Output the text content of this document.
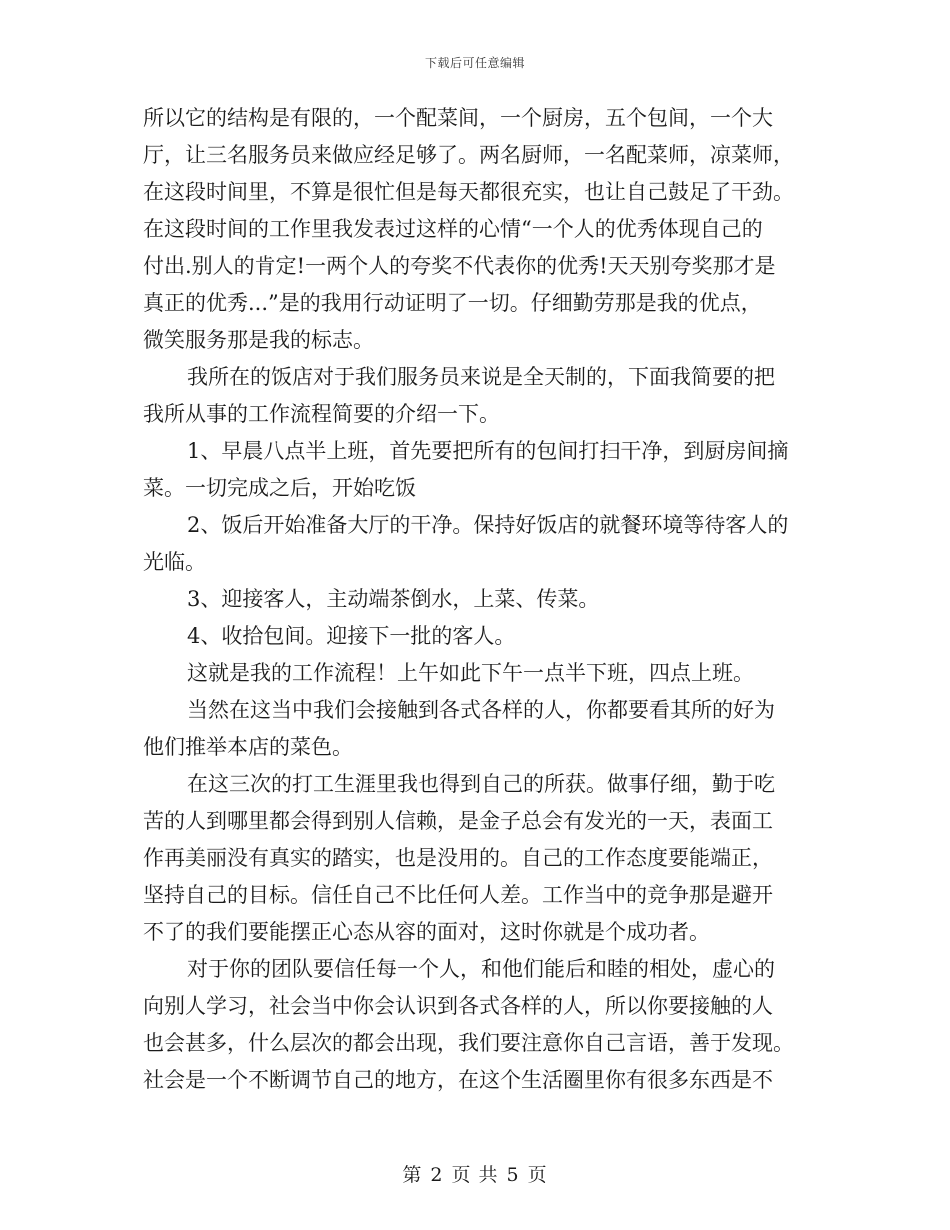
下载后可任意编辑
所以它的结构是有限的，一个配菜间，一个厨房，五个包间，一个大
厅，让三名服务员来做应经足够了。两名厨师，一名配菜师，凉菜师，
在这段时间里，不算是很忙但是每天都很充实，也让自己鼓足了干劲。
在这段时间的工作里我发表过这样的心情“一个人的优秀体现自己的
付出.别人的肯定!一两个人的夸奖不代表你的优秀!天天别夸奖那才是
真正的优秀...”是的我用行动证明了一切。仔细勤劳那是我的优点，
微笑服务那是我的标志。
我所在的饭店对于我们服务员来说是全天制的，下面我简要的把
我所从事的工作流程简要的介绍一下。
1、早晨八点半上班，首先要把所有的包间打扫干净，到厨房间摘
菜。一切完成之后，开始吃饭
2、饭后开始准备大厅的干净。保持好饭店的就餐环境等待客人的
光临。
3、迎接客人，主动端茶倒水，上菜、传菜。
4、收拾包间。迎接下一批的客人。
这就是我的工作流程！上午如此下午一点半下班，四点上班。
当然在这当中我们会接触到各式各样的人，你都要看其所的好为
他们推举本店的菜色。
在这三次的打工生涯里我也得到自己的所获。做事仔细，勤于吃
苦的人到哪里都会得到别人信赖，是金子总会有发光的一天，表面工
作再美丽没有真实的踏实，也是没用的。自己的工作态度要能端正，
坚持自己的目标。信任自己不比任何人差。工作当中的竞争那是避开
不了的我们要能摆正心态从容的面对，这时你就是个成功者。
对于你的团队要信任每一个人，和他们能后和睦的相处，虚心的
向别人学习，社会当中你会认识到各式各样的人，所以你要接触的人
也会甚多，什么层次的都会出现，我们要注意你自己言语，善于发现。
社会是一个不断调节自己的地方，在这个生活圈里你有很多东西是不
第 2 页 共 5 页
